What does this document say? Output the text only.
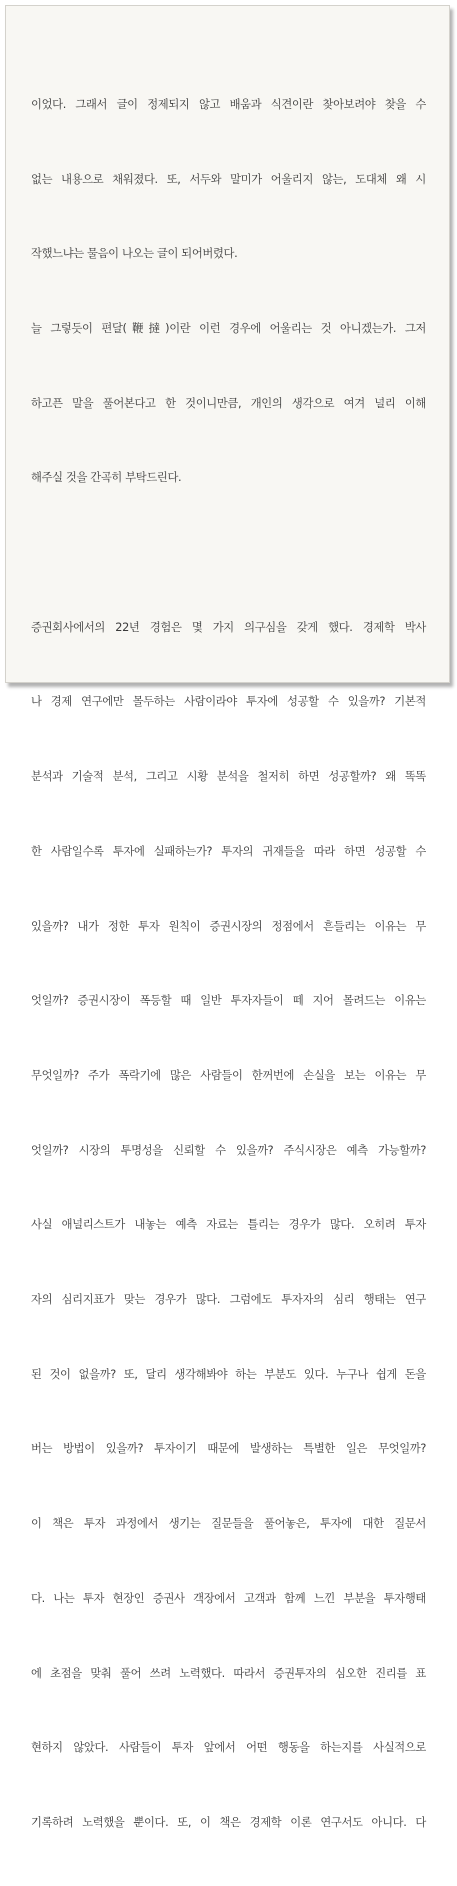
이었다. 그래서 글이 정제되지 않고 배움과 식견이란 찾아보려야 찾을 수

없는 내용으로 채워졌다. 또, 서두와 말미가 어울리지 않는, 도대체 왜 시

작했느냐는 물음이 나오는 글이 되어버렸다.

늘 그렇듯이 편달(鞭撻)이란 이런 경우에 어울리는 것 아니겠는가. 그저

하고픈 말을 풀어본다고 한 것이니만큼, 개인의 생각으로 여겨 널리 이해

해주실 것을 간곡히 부탁드린다.

증권회사에서의 22년 경험은 몇 가지 의구심을 갖게 했다. 경제학 박사

나 경제 연구에만 몰두하는 사람이라야 투자에 성공할 수 있을까? 기본적

분석과 기술적 분석, 그리고 시황 분석을 철저히 하면 성공할까? 왜 똑똑

한 사람일수록 투자에 실패하는가? 투자의 귀재들을 따라 하면 성공할 수

있을까? 내가 정한 투자 원칙이 증권시장의 정점에서 흔들리는 이유는 무

엇일까? 증권시장이 폭등할 때 일반 투자자들이 떼 지어 몰려드는 이유는

무엇일까? 주가 폭락기에 많은 사람들이 한꺼번에 손실을 보는 이유는 무

엇일까? 시장의 투명성을 신뢰할 수 있을까? 주식시장은 예측 가능할까?

사실 애널리스트가 내놓는 예측 자료는 틀리는 경우가 많다. 오히려 투자

자의 심리지표가 맞는 경우가 많다. 그럼에도 투자자의 심리 행태는 연구

된 것이 없을까? 또, 달리 생각해봐야 하는 부분도 있다. 누구나 쉽게 돈을

버는 방법이 있을까? 투자이기 때문에 발생하는 특별한 일은 무엇일까?

이 책은 투자 과정에서 생기는 질문들을 풀어놓은, 투자에 대한 질문서

다. 나는 투자 현장인 증권사 객장에서 고객과 함께 느낀 부분을 투자행태

에 초점을 맞춰 풀어 쓰려 노력했다. 따라서 증권투자의 심오한 진리를 표

현하지 않았다. 사람들이 투자 앞에서 어떤 행동을 하는지를 사실적으로

기록하려 노력했을 뿐이다. 또, 이 책은 경제학 이론 연구서도 아니다. 다
